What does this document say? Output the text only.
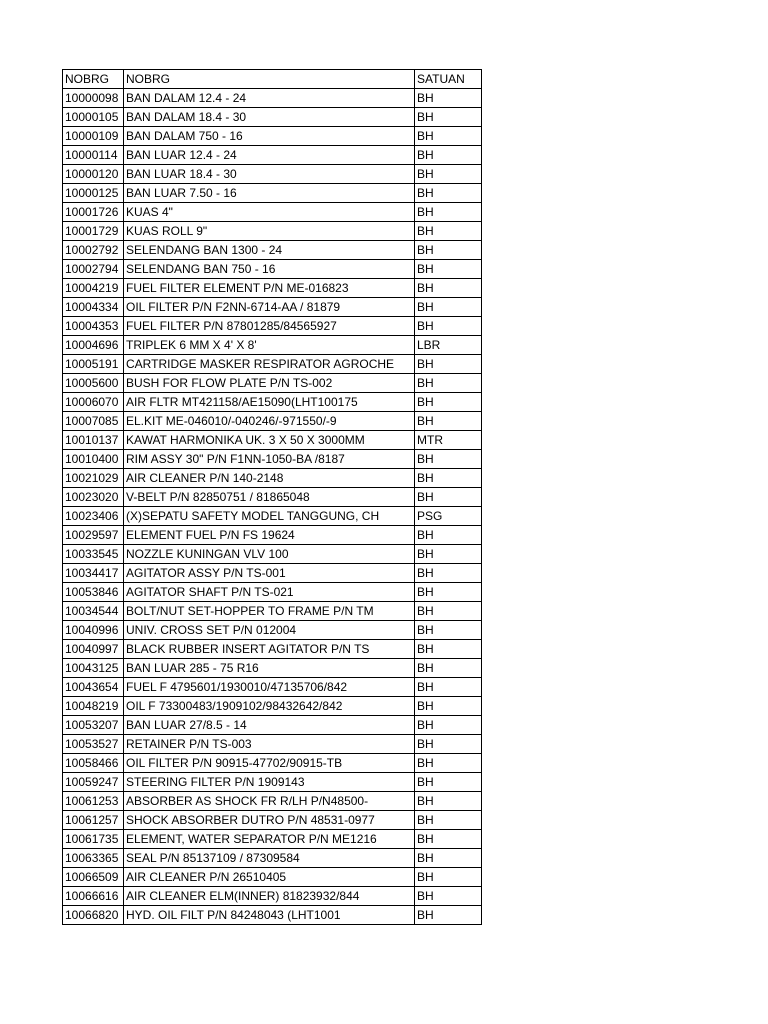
NOBRG	NOBRG	SATUAN
10000098	BAN DALAM 12.4 - 24	BH
10000105	BAN DALAM 18.4 - 30	BH
10000109	BAN DALAM 750 - 16	BH
10000114	BAN LUAR 12.4 - 24	BH
10000120	BAN LUAR 18.4 - 30	BH
10000125	BAN LUAR 7.50 - 16	BH
10001726	KUAS 4"	BH
10001729	KUAS ROLL 9"	BH
10002792	SELENDANG BAN 1300 - 24	BH
10002794	SELENDANG BAN 750 - 16	BH
10004219	FUEL FILTER ELEMENT P/N ME-016823	BH
10004334	OIL FILTER P/N F2NN-6714-AA / 81879	BH
10004353	FUEL FILTER P/N 87801285/84565927	BH
10004696	TRIPLEK 6 MM X 4' X 8'	LBR
10005191	CARTRIDGE MASKER RESPIRATOR AGROCHE	BH
10005600	BUSH FOR FLOW PLATE P/N TS-002	BH
10006070	AIR FLTR MT421158/AE15090(LHT100175	BH
10007085	EL.KIT ME-046010/-040246/-971550/-9	BH
10010137	KAWAT HARMONIKA UK. 3 X 50 X 3000MM	MTR
10010400	RIM ASSY 30" P/N F1NN-1050-BA /8187	BH
10021029	AIR CLEANER P/N 140-2148	BH
10023020	V-BELT P/N 82850751 / 81865048	BH
10023406	(X)SEPATU SAFETY MODEL TANGGUNG, CH	PSG
10029597	ELEMENT FUEL P/N FS 19624	BH
10033545	NOZZLE KUNINGAN VLV 100	BH
10034417	AGITATOR ASSY P/N TS-001	BH
10053846	AGITATOR SHAFT P/N TS-021	BH
10034544	BOLT/NUT SET-HOPPER TO FRAME P/N TM	BH
10040996	UNIV. CROSS SET P/N 012004	BH
10040997	BLACK RUBBER INSERT AGITATOR P/N TS	BH
10043125	BAN LUAR 285 - 75 R16	BH
10043654	FUEL F 4795601/1930010/47135706/842	BH
10048219	OIL F 73300483/1909102/98432642/842	BH
10053207	BAN LUAR 27/8.5 - 14	BH
10053527	RETAINER P/N TS-003	BH
10058466	OIL FILTER P/N 90915-47702/90915-TB	BH
10059247	STEERING FILTER P/N 1909143	BH
10061253	ABSORBER AS SHOCK FR R/LH P/N48500-	BH
10061257	SHOCK ABSORBER DUTRO P/N 48531-0977	BH
10061735	ELEMENT, WATER SEPARATOR P/N ME1216	BH
10063365	SEAL P/N 85137109 / 87309584	BH
10066509	AIR CLEANER P/N 26510405	BH
10066616	AIR CLEANER ELM(INNER) 81823932/844	BH
10066820	HYD. OIL FILT P/N 84248043 (LHT1001	BH
